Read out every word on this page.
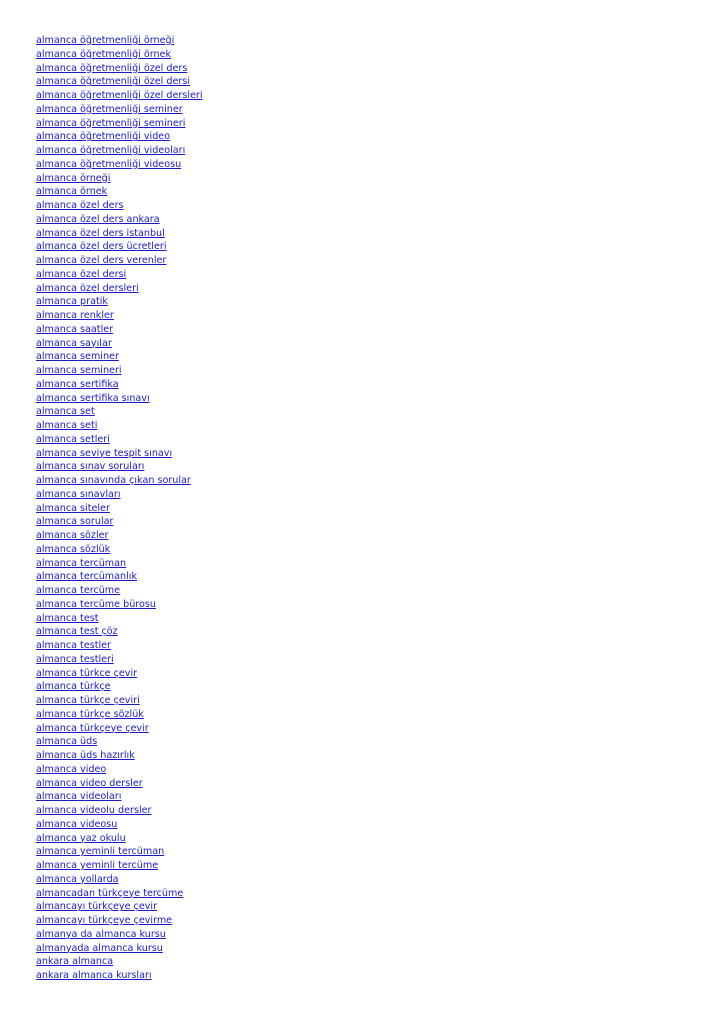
almanca öğretmenliği örneği
almanca öğretmenliği örnek
almanca öğretmenliği özel ders
almanca öğretmenliği özel dersi
almanca öğretmenliği özel dersleri
almanca öğretmenliği seminer
almanca öğretmenliği semineri
almanca öğretmenliği video
almanca öğretmenliği videoları
almanca öğretmenliği videosu
almanca örneği
almanca örnek
almanca özel ders
almanca özel ders ankara
almanca özel ders istanbul
almanca özel ders ücretleri
almanca özel ders verenler
almanca özel dersi
almanca özel dersleri
almanca pratik
almanca renkler
almanca saatler
almanca sayılar
almanca seminer
almanca semineri
almanca sertifika
almanca sertifika sınavı
almanca set
almanca seti
almanca setleri
almanca seviye tespit sınavı
almanca sınav soruları
almanca sınavında çıkan sorular
almanca sınavları
almanca siteler
almanca sorular
almanca sözler
almanca sözlük
almanca tercüman
almanca tercümanlık
almanca tercüme
almanca tercüme bürosu
almanca test
almanca test çöz
almanca testler
almanca testleri
almanca türkce çevir
almanca türkçe
almanca türkçe çeviri
almanca türkçe sözlük
almanca türkçeye çevir
almanca üds
almanca üds hazırlık
almanca video
almanca video dersler
almanca videoları
almanca videolu dersler
almanca videosu
almanca yaz okulu
almanca yeminli tercüman
almanca yeminli tercüme
almanca yollarda
almancadan türkçeye tercüme
almancayı türkçeye çevir
almancayı türkçeye çevirme
almanya da almanca kursu
almanyada almanca kursu
ankara almanca
ankara almanca kursları
